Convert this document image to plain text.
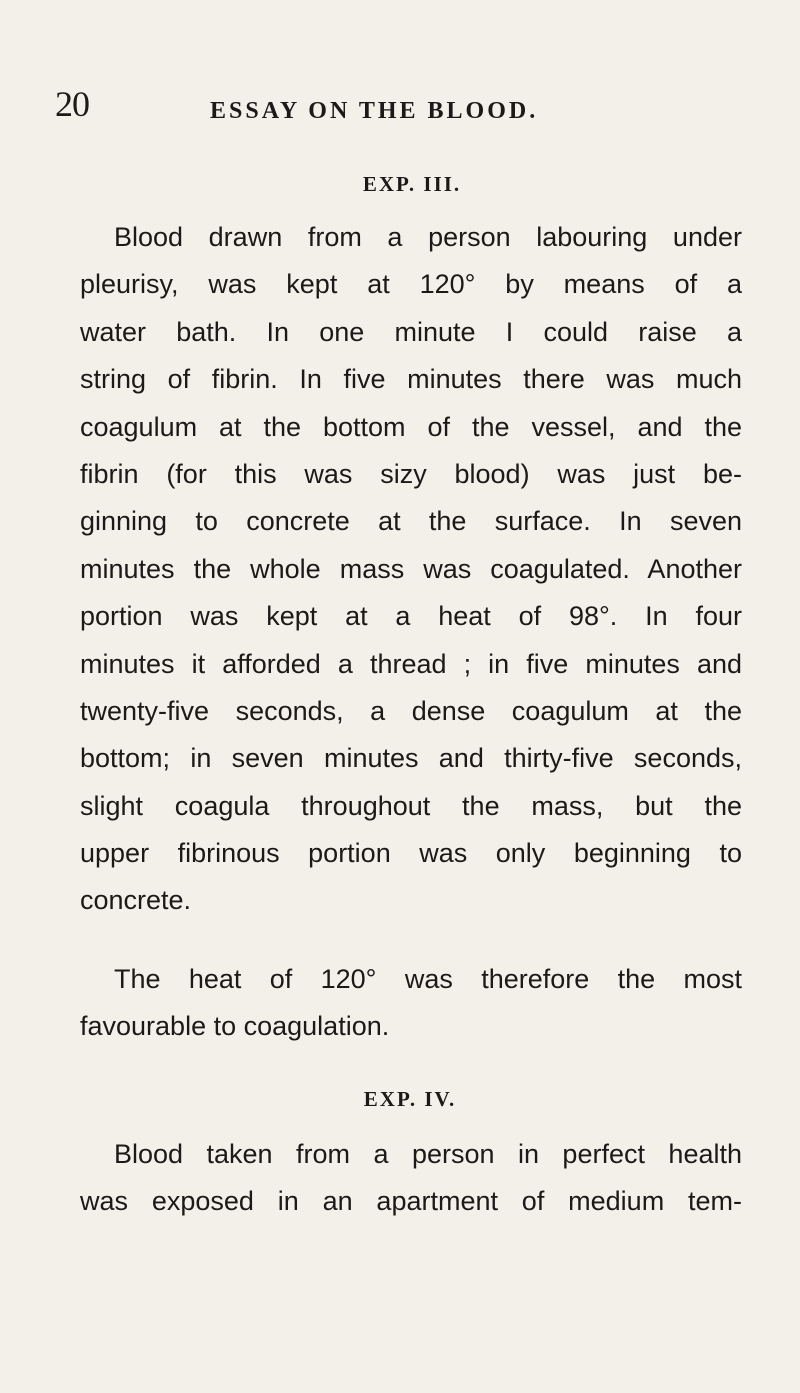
20	ESSAY ON THE BLOOD.
EXP. III.
Blood drawn from a person labouring under
pleurisy, was kept at 120° by means of a
water bath. In one minute I could raise a
string of fibrin. In five minutes there was much
coagulum at the bottom of the vessel, and the
fibrin (for this was sizy blood) was just be-
ginning to concrete at the surface. In seven
minutes the whole mass was coagulated. Another
portion was kept at a heat of 98°. In four
minutes it afforded a thread ; in five minutes and
twenty-five seconds, a dense coagulum at the
bottom; in seven minutes and thirty-five seconds,
slight coagula throughout the mass, but the
upper fibrinous portion was only beginning to
concrete.
The heat of 120° was therefore the most
favourable to coagulation.
EXP. IV.
Blood taken from a person in perfect health
was exposed in an apartment of medium tem-
